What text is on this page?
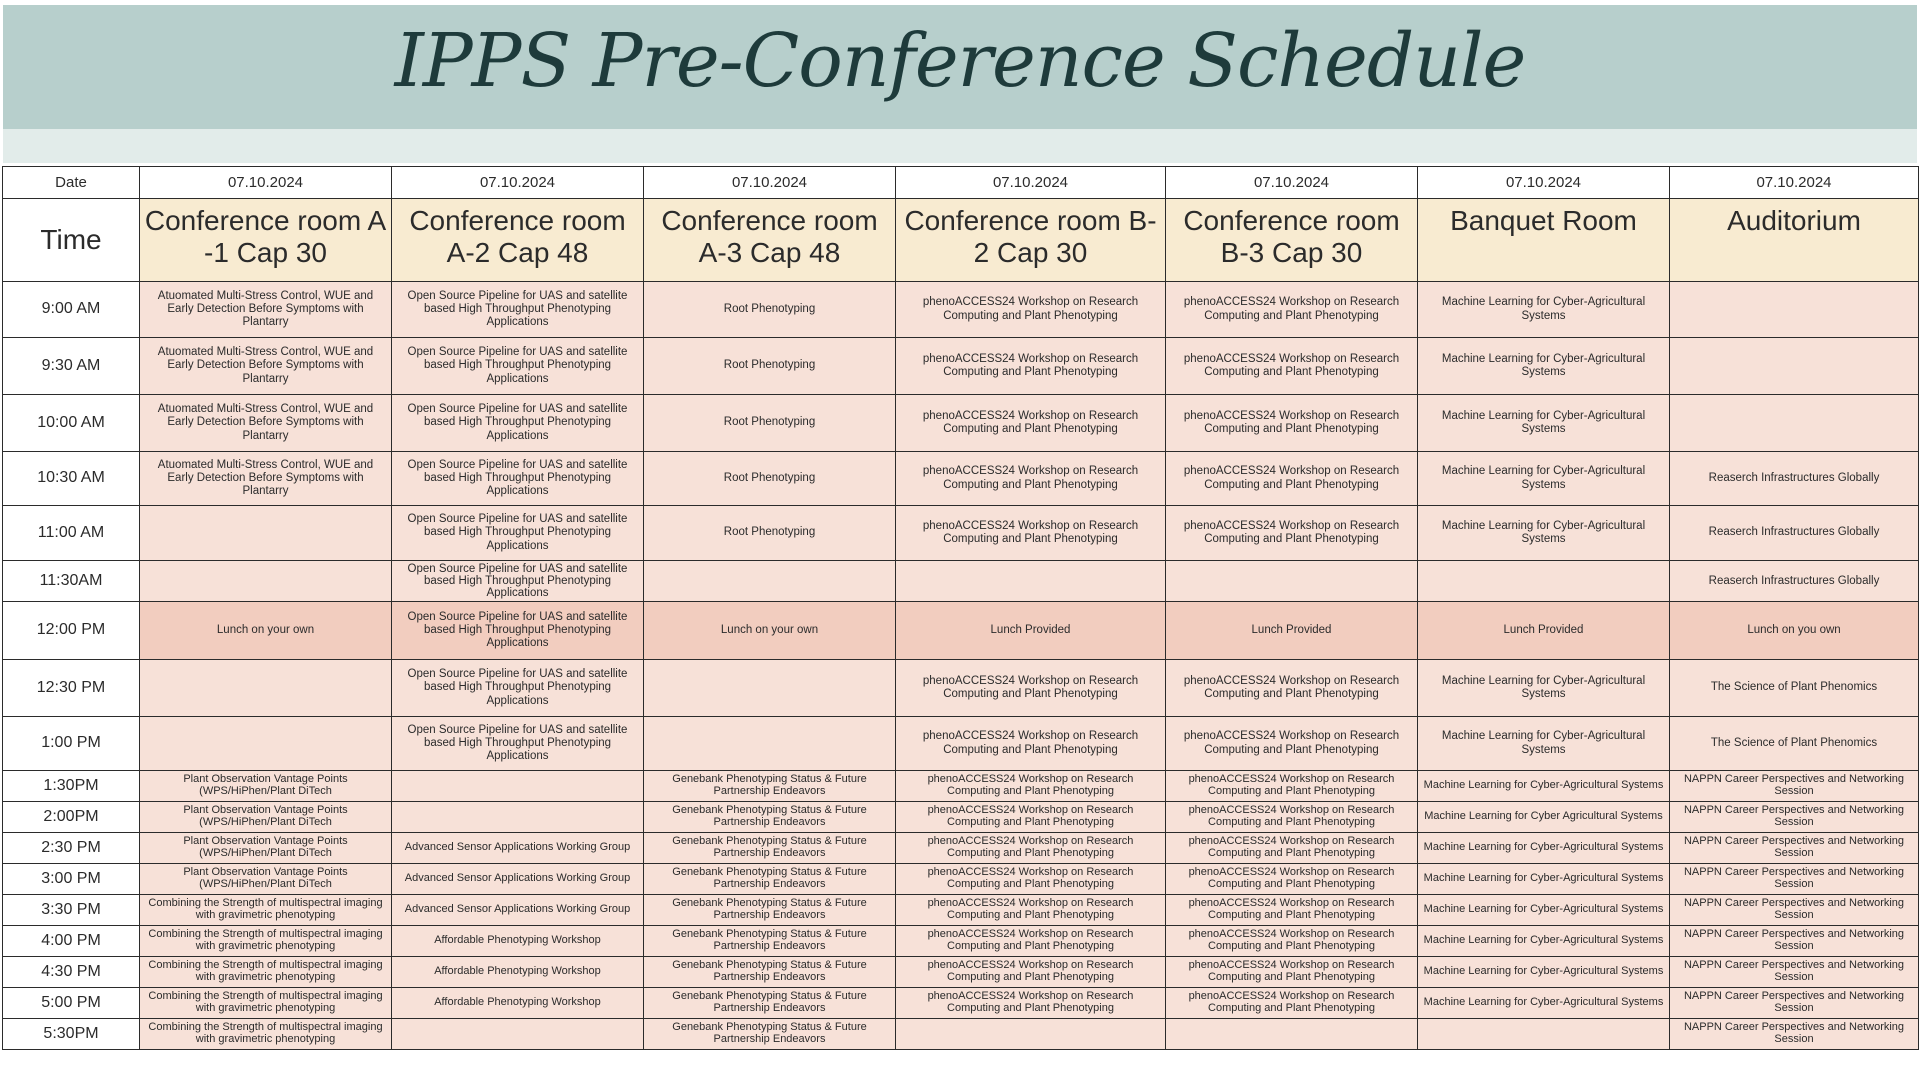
IPPS Pre-Conference Schedule
Date	07.10.2024	07.10.2024	07.10.2024	07.10.2024	07.10.2024	07.10.2024	07.10.2024
Time	Conference room A -1 Cap 30	Conference room A-2 Cap 48	Conference room A-3 Cap 48	Conference room B-2 Cap 30	Conference room B-3 Cap 30	Banquet Room	Auditorium
9:00 AM	Atuomated Multi-Stress Control, WUE and Early Detection Before Symptoms with Plantarry	Open Source Pipeline for UAS and satellite based High Throughput Phenotyping Applications	Root Phenotyping	phenoACCESS24 Workshop on Research Computing and Plant Phenotyping	phenoACCESS24 Workshop on Research Computing and Plant Phenotyping	Machine Learning for Cyber-Agricultural Systems	
9:30 AM	Atuomated Multi-Stress Control, WUE and Early Detection Before Symptoms with Plantarry	Open Source Pipeline for UAS and satellite based High Throughput Phenotyping Applications	Root Phenotyping	phenoACCESS24 Workshop on Research Computing and Plant Phenotyping	phenoACCESS24 Workshop on Research Computing and Plant Phenotyping	Machine Learning for Cyber-Agricultural Systems	
10:00 AM	Atuomated Multi-Stress Control, WUE and Early Detection Before Symptoms with Plantarry	Open Source Pipeline for UAS and satellite based High Throughput Phenotyping Applications	Root Phenotyping	phenoACCESS24 Workshop on Research Computing and Plant Phenotyping	phenoACCESS24 Workshop on Research Computing and Plant Phenotyping	Machine Learning for Cyber-Agricultural Systems	
10:30 AM	Atuomated Multi-Stress Control, WUE and Early Detection Before Symptoms with Plantarry	Open Source Pipeline for UAS and satellite based High Throughput Phenotyping Applications	Root Phenotyping	phenoACCESS24 Workshop on Research Computing and Plant Phenotyping	phenoACCESS24 Workshop on Research Computing and Plant Phenotyping	Machine Learning for Cyber-Agricultural Systems	Reaserch Infrastructures Globally
11:00 AM		Open Source Pipeline for UAS and satellite based High Throughput Phenotyping Applications	Root Phenotyping	phenoACCESS24 Workshop on Research Computing and Plant Phenotyping	phenoACCESS24 Workshop on Research Computing and Plant Phenotyping	Machine Learning for Cyber-Agricultural Systems	Reaserch Infrastructures Globally
11:30AM		Open Source Pipeline for UAS and satellite based High Throughput Phenotyping Applications					Reaserch Infrastructures Globally
12:00 PM	Lunch on your own	Open Source Pipeline for UAS and satellite based High Throughput Phenotyping Applications	Lunch on your own	Lunch Provided	Lunch Provided	Lunch Provided	Lunch on you own
12:30 PM		Open Source Pipeline for UAS and satellite based High Throughput Phenotyping Applications		phenoACCESS24 Workshop on Research Computing and Plant Phenotyping	phenoACCESS24 Workshop on Research Computing and Plant Phenotyping	Machine Learning for Cyber-Agricultural Systems	The Science of Plant Phenomics
1:00 PM		Open Source Pipeline for UAS and satellite based High Throughput Phenotyping Applications		phenoACCESS24 Workshop on Research Computing and Plant Phenotyping	phenoACCESS24 Workshop on Research Computing and Plant Phenotyping	Machine Learning for Cyber-Agricultural Systems	The Science of Plant Phenomics
1:30PM	Plant Observation Vantage Points (WPS/HiPhen/Plant DiTech		Genebank Phenotyping Status & Future Partnership Endeavors	phenoACCESS24 Workshop on Research Computing and Plant Phenotyping	phenoACCESS24 Workshop on Research Computing and Plant Phenotyping	Machine Learning for Cyber-Agricultural Systems	NAPPN Career Perspectives and Networking Session
2:00PM	Plant Observation Vantage Points (WPS/HiPhen/Plant DiTech		Genebank Phenotyping Status & Future Partnership Endeavors	phenoACCESS24 Workshop on Research Computing and Plant Phenotyping	phenoACCESS24 Workshop on Research Computing and Plant Phenotyping	Machine Learning for Cyber Agricultural Systems	NAPPN Career Perspectives and Networking Session
2:30 PM	Plant Observation Vantage Points (WPS/HiPhen/Plant DiTech	Advanced Sensor Applications Working Group	Genebank Phenotyping Status & Future Partnership Endeavors	phenoACCESS24 Workshop on Research Computing and Plant Phenotyping	phenoACCESS24 Workshop on Research Computing and Plant Phenotyping	Machine Learning for Cyber-Agricultural Systems	NAPPN Career Perspectives and Networking Session
3:00 PM	Plant Observation Vantage Points (WPS/HiPhen/Plant DiTech	Advanced Sensor Applications Working Group	Genebank Phenotyping Status & Future Partnership Endeavors	phenoACCESS24 Workshop on Research Computing and Plant Phenotyping	phenoACCESS24 Workshop on Research Computing and Plant Phenotyping	Machine Learning for Cyber-Agricultural Systems	NAPPN Career Perspectives and Networking Session
3:30 PM	Combining the Strength of multispectral imaging with gravimetric phenotyping	Advanced Sensor Applications Working Group	Genebank Phenotyping Status & Future Partnership Endeavors	phenoACCESS24 Workshop on Research Computing and Plant Phenotyping	phenoACCESS24 Workshop on Research Computing and Plant Phenotyping	Machine Learning for Cyber-Agricultural Systems	NAPPN Career Perspectives and Networking Session
4:00 PM	Combining the Strength of multispectral imaging with gravimetric phenotyping	Affordable Phenotyping Workshop	Genebank Phenotyping Status & Future Partnership Endeavors	phenoACCESS24 Workshop on Research Computing and Plant Phenotyping	phenoACCESS24 Workshop on Research Computing and Plant Phenotyping	Machine Learning for Cyber-Agricultural Systems	NAPPN Career Perspectives and Networking Session
4:30 PM	Combining the Strength of multispectral imaging with gravimetric phenotyping	Affordable Phenotyping Workshop	Genebank Phenotyping Status & Future Partnership Endeavors	phenoACCESS24 Workshop on Research Computing and Plant Phenotyping	phenoACCESS24 Workshop on Research Computing and Plant Phenotyping	Machine Learning for Cyber-Agricultural Systems	NAPPN Career Perspectives and Networking Session
5:00 PM	Combining the Strength of multispectral imaging with gravimetric phenotyping	Affordable Phenotyping Workshop	Genebank Phenotyping Status & Future Partnership Endeavors	phenoACCESS24 Workshop on Research Computing and Plant Phenotyping	phenoACCESS24 Workshop on Research Computing and Plant Phenotyping	Machine Learning for Cyber-Agricultural Systems	NAPPN Career Perspectives and Networking Session
5:30PM	Combining the Strength of multispectral imaging with gravimetric phenotyping		Genebank Phenotyping Status & Future Partnership Endeavors				NAPPN Career Perspectives and Networking Session
